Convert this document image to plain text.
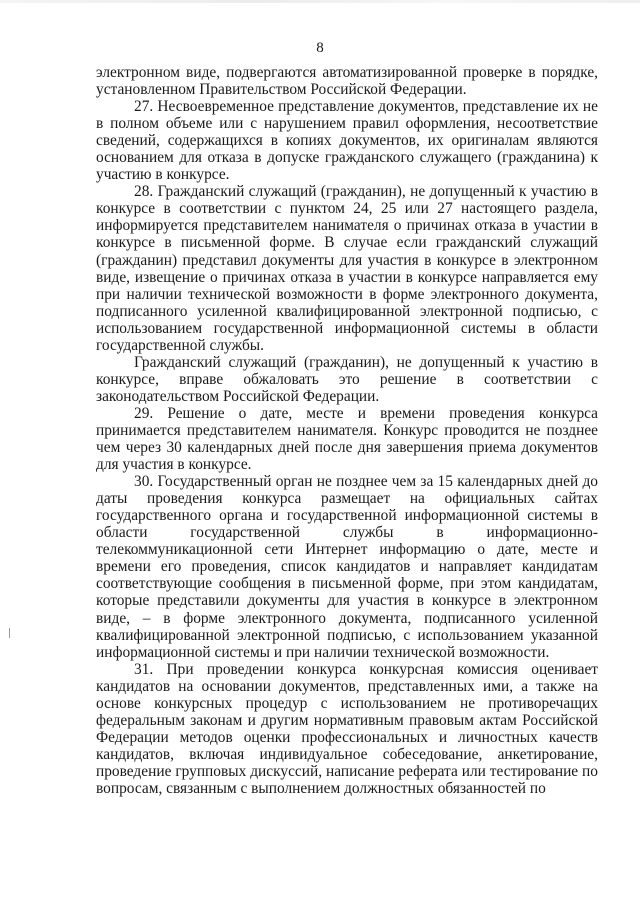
8

электронном виде, подвергаются автоматизированной проверке в порядке, установленном Правительством Российской Федерации.

27. Несвоевременное представление документов, представление их не в полном объеме или с нарушением правил оформления, несоответствие сведений, содержащихся в копиях документов, их оригиналам являются основанием для отказа в допуске гражданского служащего (гражданина) к участию в конкурсе.

28. Гражданский служащий (гражданин), не допущенный к участию в конкурсе в соответствии с пунктом 24, 25 или 27 настоящего раздела, информируется представителем нанимателя о причинах отказа в участии в конкурсе в письменной форме. В случае если гражданский служащий (гражданин) представил документы для участия в конкурсе в электронном виде, извещение о причинах отказа в участии в конкурсе направляется ему при наличии технической возможности в форме электронного документа, подписанного усиленной квалифицированной электронной подписью, с использованием государственной информационной системы в области государственной службы.

Гражданский служащий (гражданин), не допущенный к участию в конкурсе, вправе обжаловать это решение в соответствии с законодательством Российской Федерации.

29. Решение о дате, месте и времени проведения конкурса принимается представителем нанимателя. Конкурс проводится не позднее чем через 30 календарных дней после дня завершения приема документов для участия в конкурсе.

30. Государственный орган не позднее чем за 15 календарных дней до даты проведения конкурса размещает на официальных сайтах государственного органа и государственной информационной системы в области государственной службы в информационно-телекоммуникационной сети Интернет информацию о дате, месте и времени его проведения, список кандидатов и направляет кандидатам соответствующие сообщения в письменной форме, при этом кандидатам, которые представили документы для участия в конкурсе в электронном виде, – в форме электронного документа, подписанного усиленной квалифицированной электронной подписью, с использованием указанной информационной системы и при наличии технической возможности.

31. При проведении конкурса конкурсная комиссия оценивает кандидатов на основании документов, представленных ими, а также на основе конкурсных процедур с использованием не противоречащих федеральным законам и другим нормативным правовым актам Российской Федерации методов оценки профессиональных и личностных качеств кандидатов, включая индивидуальное собеседование, анкетирование, проведение групповых дискуссий, написание реферата или тестирование по вопросам, связанным с выполнением должностных обязанностей по
